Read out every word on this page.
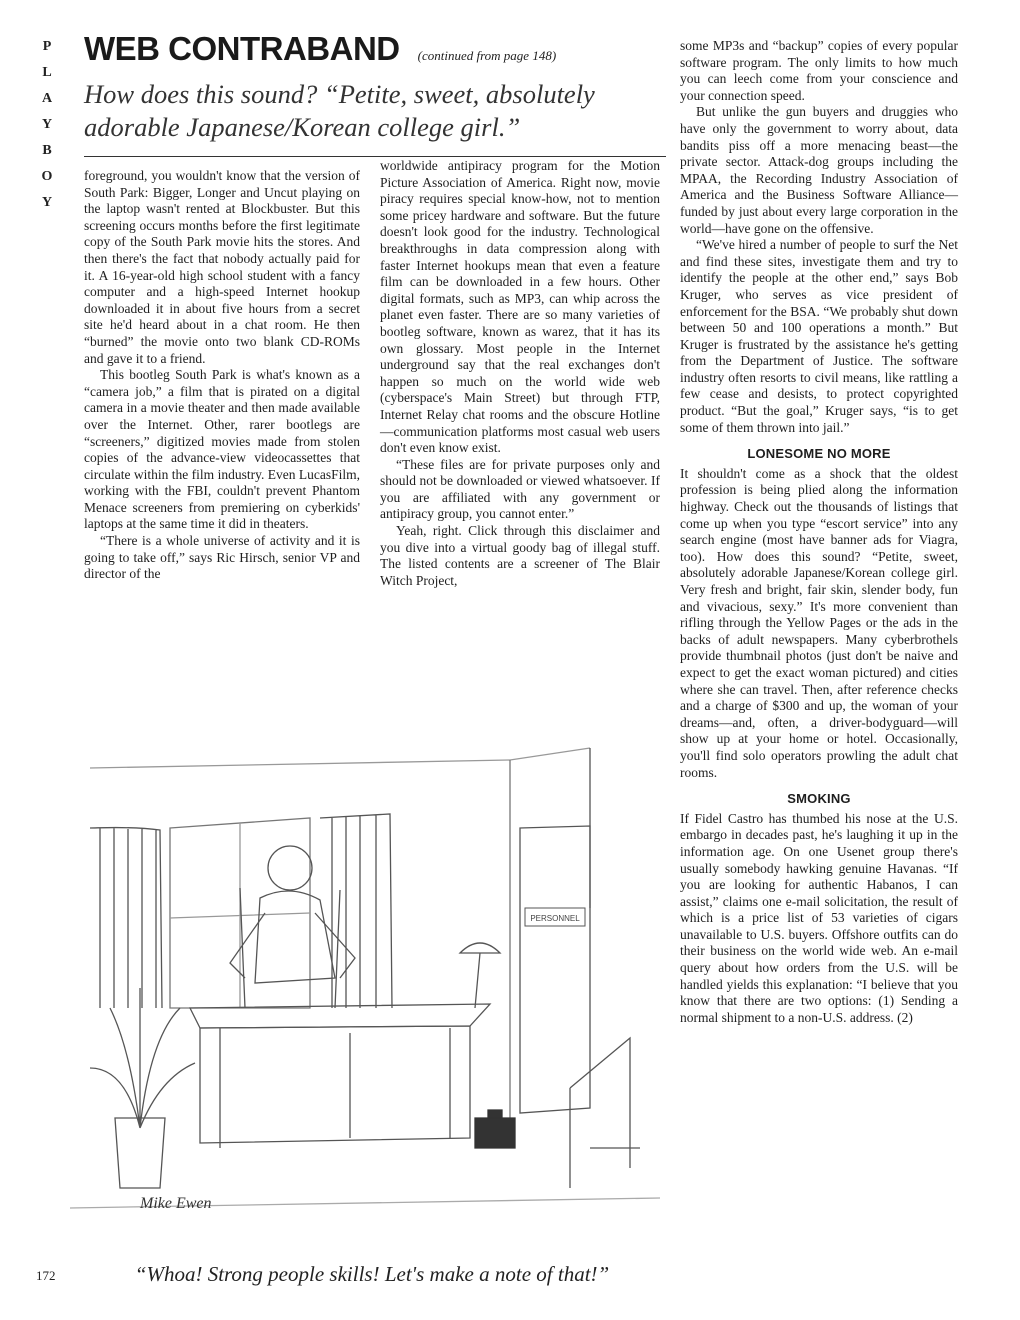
P
L
A
Y
B
O
Y
WEB CONTRABAND (continued from page 148)
How does this sound? “Petite, sweet, absolutely adorable Japanese/Korean college girl.”

foreground, you wouldn't know that the version of South Park: Bigger, Longer and Uncut playing on the laptop wasn't rented at Blockbuster. But this screening occurs months before the first legitimate copy of the South Park movie hits the stores. And then there's the fact that nobody actually paid for it. A 16-year-old high school student with a fancy computer and a high-speed Internet hookup downloaded it in about five hours from a secret site he'd heard about in a chat room. He then “burned” the movie onto two blank CD-ROMs and gave it to a friend.

This bootleg South Park is what's known as a “camera job,” a film that is pirated on a digital camera in a movie theater and then made available over the Internet. Other, rarer bootlegs are “screeners,” digitized movies made from stolen copies of the advance-view videocassettes that circulate within the film industry. Even LucasFilm, working with the FBI, couldn't prevent Phantom Menace screeners from premiering on cyberkids' laptops at the same time it did in theaters.

“There is a whole universe of activity and it is going to take off,” says Ric Hirsch, senior VP and director of the

worldwide antipiracy program for the Motion Picture Association of America. Right now, movie piracy requires special know-how, not to mention some pricey hardware and software. But the future doesn't look good for the industry. Technological breakthroughs in data compression along with faster Internet hookups mean that even a feature film can be downloaded in a few hours. Other digital formats, such as MP3, can whip across the planet even faster. There are so many varieties of bootleg software, known as warez, that it has its own glossary. Most people in the Internet underground say that the real exchanges don't happen so much on the world wide web (cyberspace's Main Street) but through FTP, Internet Relay chat rooms and the obscure Hotline—communication platforms most casual web users don't even know exist.

“These files are for private purposes only and should not be downloaded or viewed whatsoever. If you are affiliated with any government or antipiracy group, you cannot enter.”

Yeah, right. Click through this disclaimer and you dive into a virtual goody bag of illegal stuff. The listed contents are a screener of The Blair Witch Project,

some MP3s and “backup” copies of every popular software program. The only limits to how much you can leech come from your conscience and your connection speed.

But unlike the gun buyers and druggies who have only the government to worry about, data bandits piss off a more menacing beast—the private sector. Attack-dog groups including the MPAA, the Recording Industry Association of America and the Business Software Alliance—funded by just about every large corporation in the world—have gone on the offensive.

“We've hired a number of people to surf the Net and find these sites, investigate them and try to identify the people at the other end,” says Bob Kruger, who serves as vice president of enforcement for the BSA. “We probably shut down between 50 and 100 operations a month.” But Kruger is frustrated by the assistance he's getting from the Department of Justice. The software industry often resorts to civil means, like rattling a few cease and desists, to protect copyrighted product. “But the goal,” Kruger says, “is to get some of them thrown into jail.”

LONESOME NO MORE

It shouldn't come as a shock that the oldest profession is being plied along the information highway. Check out the thousands of listings that come up when you type “escort service” into any search engine (most have banner ads for Viagra, too). How does this sound? “Petite, sweet, absolutely adorable Japanese/Korean college girl. Very fresh and bright, fair skin, slender body, fun and vivacious, sexy.” It's more convenient than rifling through the Yellow Pages or the ads in the backs of adult newspapers. Many cyberbrothels provide thumbnail photos (just don't be naive and expect to get the exact woman pictured) and cities where she can travel. Then, after reference checks and a charge of $300 and up, the woman of your dreams—and, often, a driver-bodyguard—will show up at your home or hotel. Occasionally, you'll find solo operators prowling the adult chat rooms.

SMOKING

If Fidel Castro has thumbed his nose at the U.S. embargo in decades past, he's laughing it up in the information age. On one Usenet group there's usually somebody hawking genuine Havanas. “If you are looking for authentic Habanos, I can assist,” claims one e-mail solicitation, the result of which is a price list of 53 varieties of cigars unavailable to U.S. buyers. Offshore outfits can do their business on the world wide web. An e-mail query about how orders from the U.S. will be handled yields this explanation: “I believe that you know that there are two options: (1) Sending a normal shipment to a non-U.S. address. (2)

PERSONNEL
Mike Ewen
“Whoa! Strong people skills! Let's make a note of that!”
172
